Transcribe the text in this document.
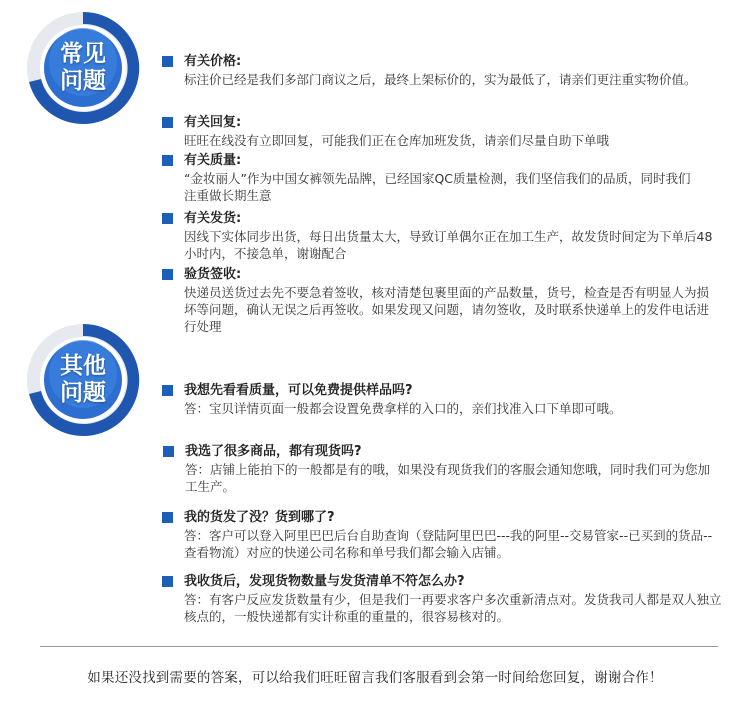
常见
问题
其他
问题
有关价格:
标注价已经是我们多部门商议之后，最终上架标价的，实为最低了，请亲们更注重实物价值。
有关回复:
旺旺在线没有立即回复，可能我们正在仓库加班发货，请亲们尽量自助下单哦
有关质量:
“金妆丽人”作为中国女裤领先品牌，已经国家QC质量检测，我们坚信我们的品质，同时我们注重做长期生意
有关发货:
因线下实体同步出货，每日出货量太大，导致订单偶尔正在加工生产，故发货时间定为下单后48小时内，不接急单，谢谢配合
验货签收:
快递员送货过去先不要急着签收，核对清楚包裹里面的产品数量，货号，检查是否有明显人为损坏等问题，确认无误之后再签收。如果发现又问题，请勿签收，及时联系快递单上的发件电话进行处理
我想先看看质量，可以免费提供样品吗?
答：宝贝详情页面一般都会设置免费拿样的入口的，亲们找准入口下单即可哦。
我选了很多商品，都有现货吗?
答：店铺上能拍下的一般都是有的哦，如果没有现货我们的客服会通知您哦，同时我们可为您加工生产。
我的货发了没？货到哪了?
答：客户可以登入阿里巴巴后台自助查询（登陆阿里巴巴---我的阿里--交易管家--已买到的货品--查看物流）对应的快递公司名称和单号我们都会输入店铺。
我收货后，发现货物数量与发货清单不符怎么办?
答：有客户反应发货数量有少，但是我们一再要求客户多次重新清点对。发货我司人都是双人独立核点的，一般快递都有实计称重的重量的，很容易核对的。
如果还没找到需要的答案，可以给我们旺旺留言我们客服看到会第一时间给您回复，谢谢合作！
